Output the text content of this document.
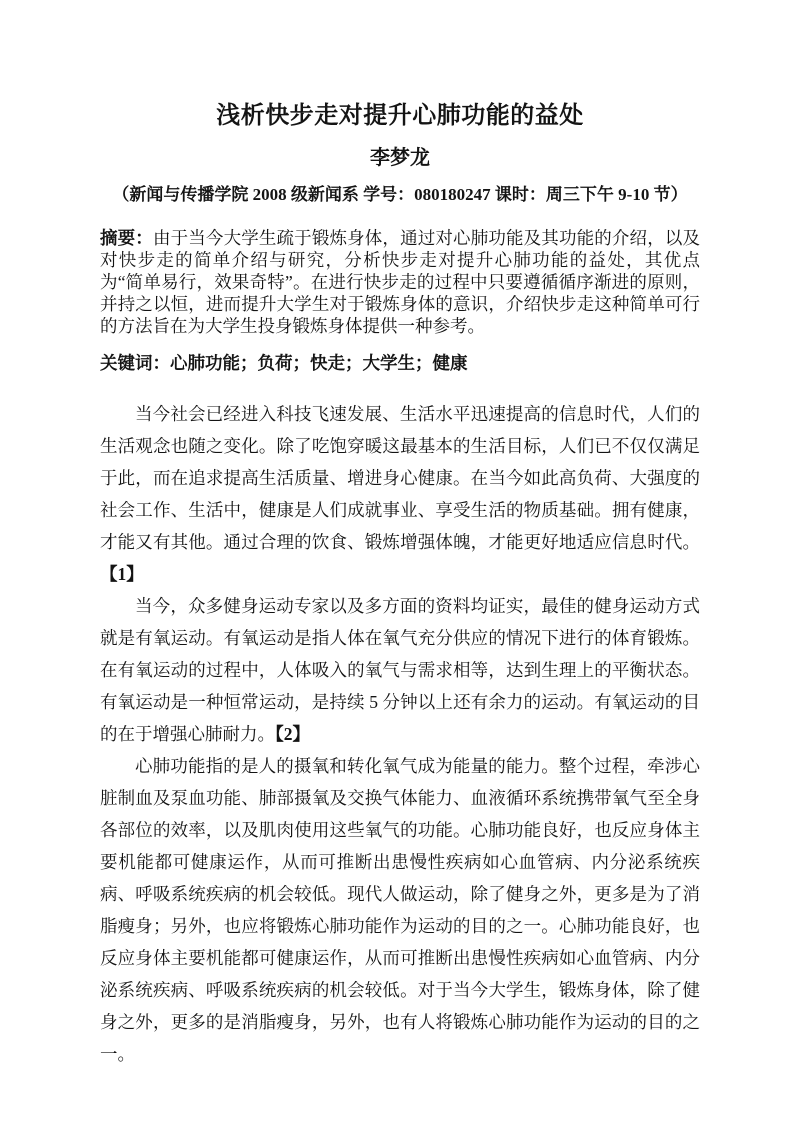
浅析快步走对提升心肺功能的益处
李梦龙
（新闻与传播学院 2008 级新闻系 学号：080180247 课时：周三下午 9-10 节）

摘要：由于当今大学生疏于锻炼身体，通过对心肺功能及其功能的介绍，以及对快步走的简单介绍与研究，分析快步走对提升心肺功能的益处，其优点为“简单易行，效果奇特”。在进行快步走的过程中只要遵循循序渐进的原则，并持之以恒，进而提升大学生对于锻炼身体的意识，介绍快步走这种简单可行的方法旨在为大学生投身锻炼身体提供一种参考。

关键词：心肺功能；负荷；快走；大学生；健康

当今社会已经进入科技飞速发展、生活水平迅速提高的信息时代，人们的生活观念也随之变化。除了吃饱穿暖这最基本的生活目标，人们已不仅仅满足于此，而在追求提高生活质量、增进身心健康。在当今如此高负荷、大强度的社会工作、生活中，健康是人们成就事业、享受生活的物质基础。拥有健康，才能又有其他。通过合理的饮食、锻炼增强体魄，才能更好地适应信息时代。【1】

当今，众多健身运动专家以及多方面的资料均证实，最佳的健身运动方式就是有氧运动。有氧运动是指人体在氧气充分供应的情况下进行的体育锻炼。在有氧运动的过程中，人体吸入的氧气与需求相等，达到生理上的平衡状态。有氧运动是一种恒常运动，是持续 5 分钟以上还有余力的运动。有氧运动的目的在于增强心肺耐力。【2】

心肺功能指的是人的摄氧和转化氧气成为能量的能力。整个过程，牵涉心脏制血及泵血功能、肺部摄氧及交换气体能力、血液循环系统携带氧气至全身各部位的效率，以及肌肉使用这些氧气的功能。心肺功能良好，也反应身体主要机能都可健康运作，从而可推断出患慢性疾病如心血管病、内分泌系统疾病、呼吸系统疾病的机会较低。现代人做运动，除了健身之外，更多是为了消脂瘦身；另外，也应将锻炼心肺功能作为运动的目的之一。心肺功能良好，也反应身体主要机能都可健康运作，从而可推断出患慢性疾病如心血管病、内分泌系统疾病、呼吸系统疾病的机会较低。对于当今大学生，锻炼身体，除了健身之外，更多的是消脂瘦身，另外，也有人将锻炼心肺功能作为运动的目的之一。
